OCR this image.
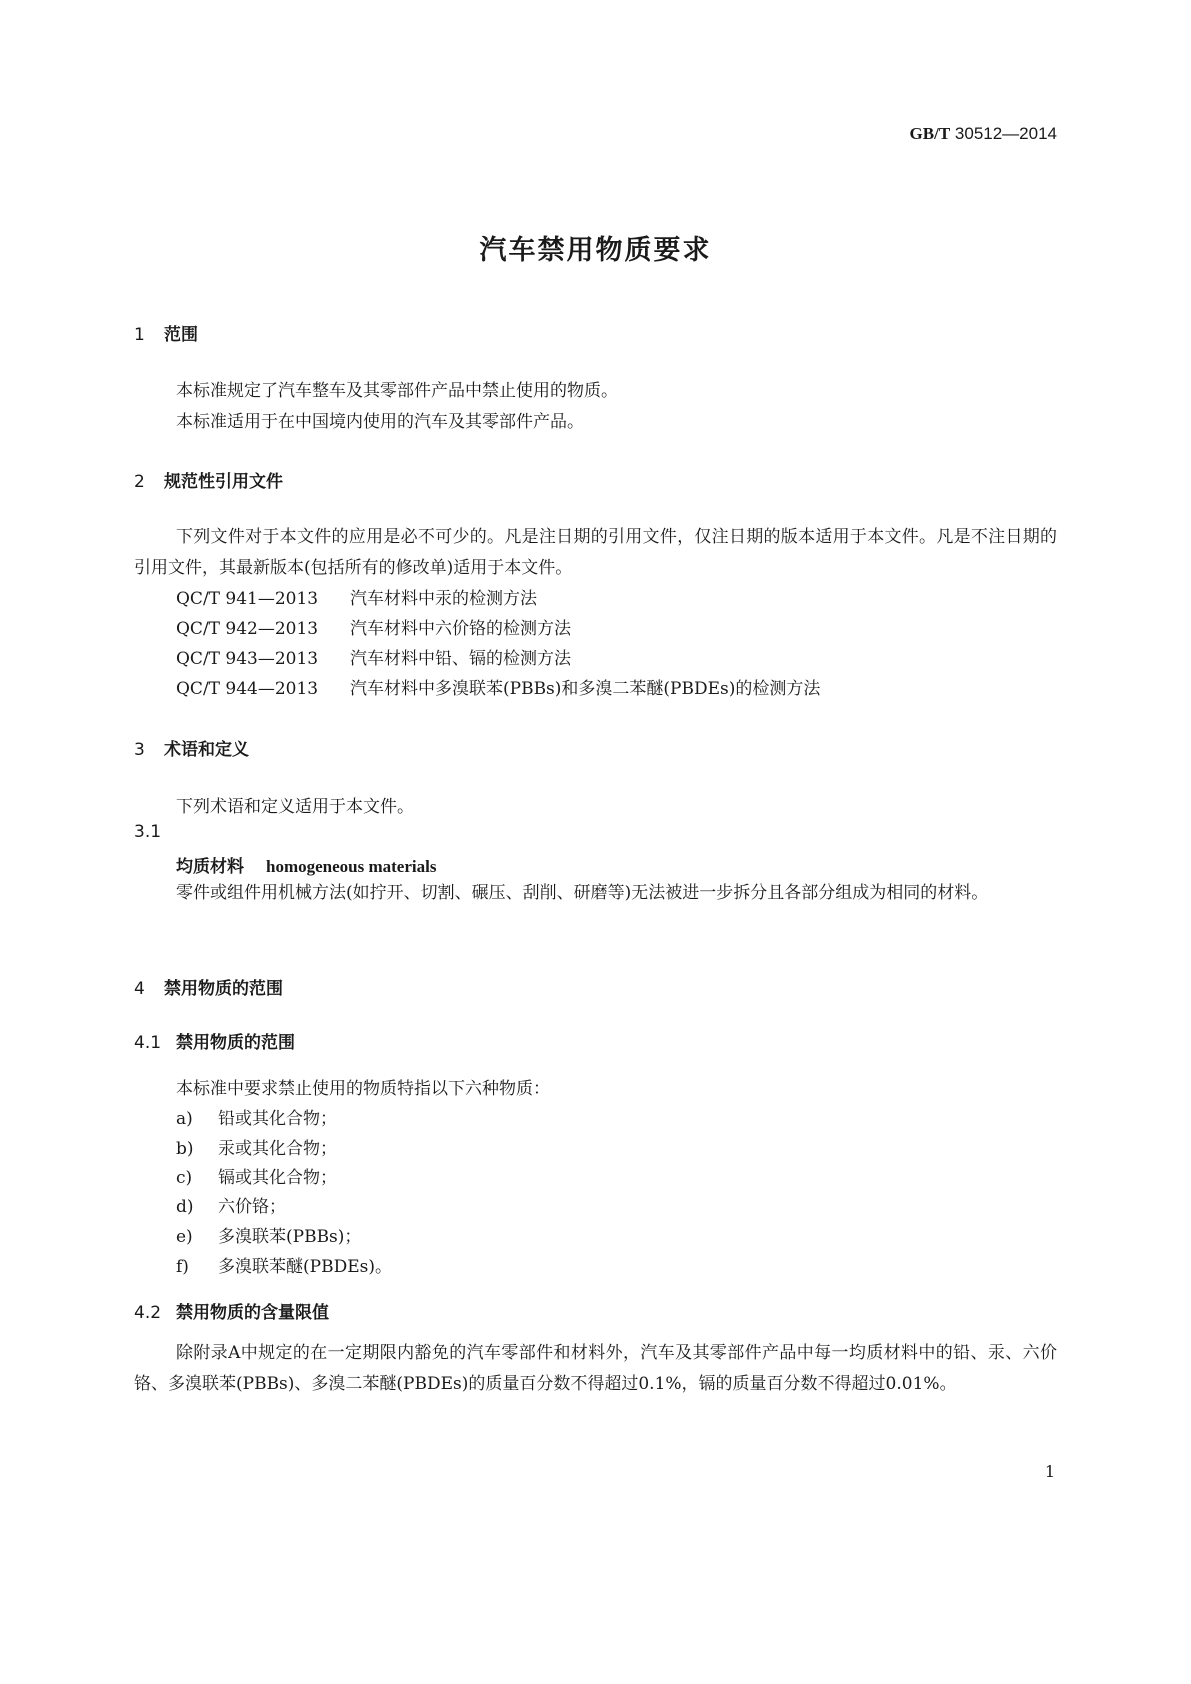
GB/T 30512—2014
汽车禁用物质要求
1 范围
本标准规定了汽车整车及其零部件产品中禁止使用的物质。
本标准适用于在中国境内使用的汽车及其零部件产品。
2 规范性引用文件
下列文件对于本文件的应用是必不可少的。凡是注日期的引用文件，仅注日期的版本适用于本文件。凡是不注日期的引用文件，其最新版本(包括所有的修改单)适用于本文件。
QC/T 941—2013 汽车材料中汞的检测方法
QC/T 942—2013 汽车材料中六价铬的检测方法
QC/T 943—2013 汽车材料中铅、镉的检测方法
QC/T 944—2013 汽车材料中多溴联苯(PBBs)和多溴二苯醚(PBDEs)的检测方法
3 术语和定义
下列术语和定义适用于本文件。
3.1
均质材料 homogeneous materials
零件或组件用机械方法(如拧开、切割、碾压、刮削、研磨等)无法被进一步拆分且各部分组成为相同的材料。
4 禁用物质的范围
4.1 禁用物质的范围
本标准中要求禁止使用的物质特指以下六种物质：
a) 铅或其化合物；
b) 汞或其化合物；
c) 镉或其化合物；
d) 六价铬；
e) 多溴联苯(PBBs)；
f) 多溴联苯醚(PBDEs)。
4.2 禁用物质的含量限值
除附录A中规定的在一定期限内豁免的汽车零部件和材料外，汽车及其零部件产品中每一均质材料中的铅、汞、六价铬、多溴联苯(PBBs)、多溴二苯醚(PBDEs)的质量百分数不得超过0.1%，镉的质量百分数不得超过0.01%。
1
